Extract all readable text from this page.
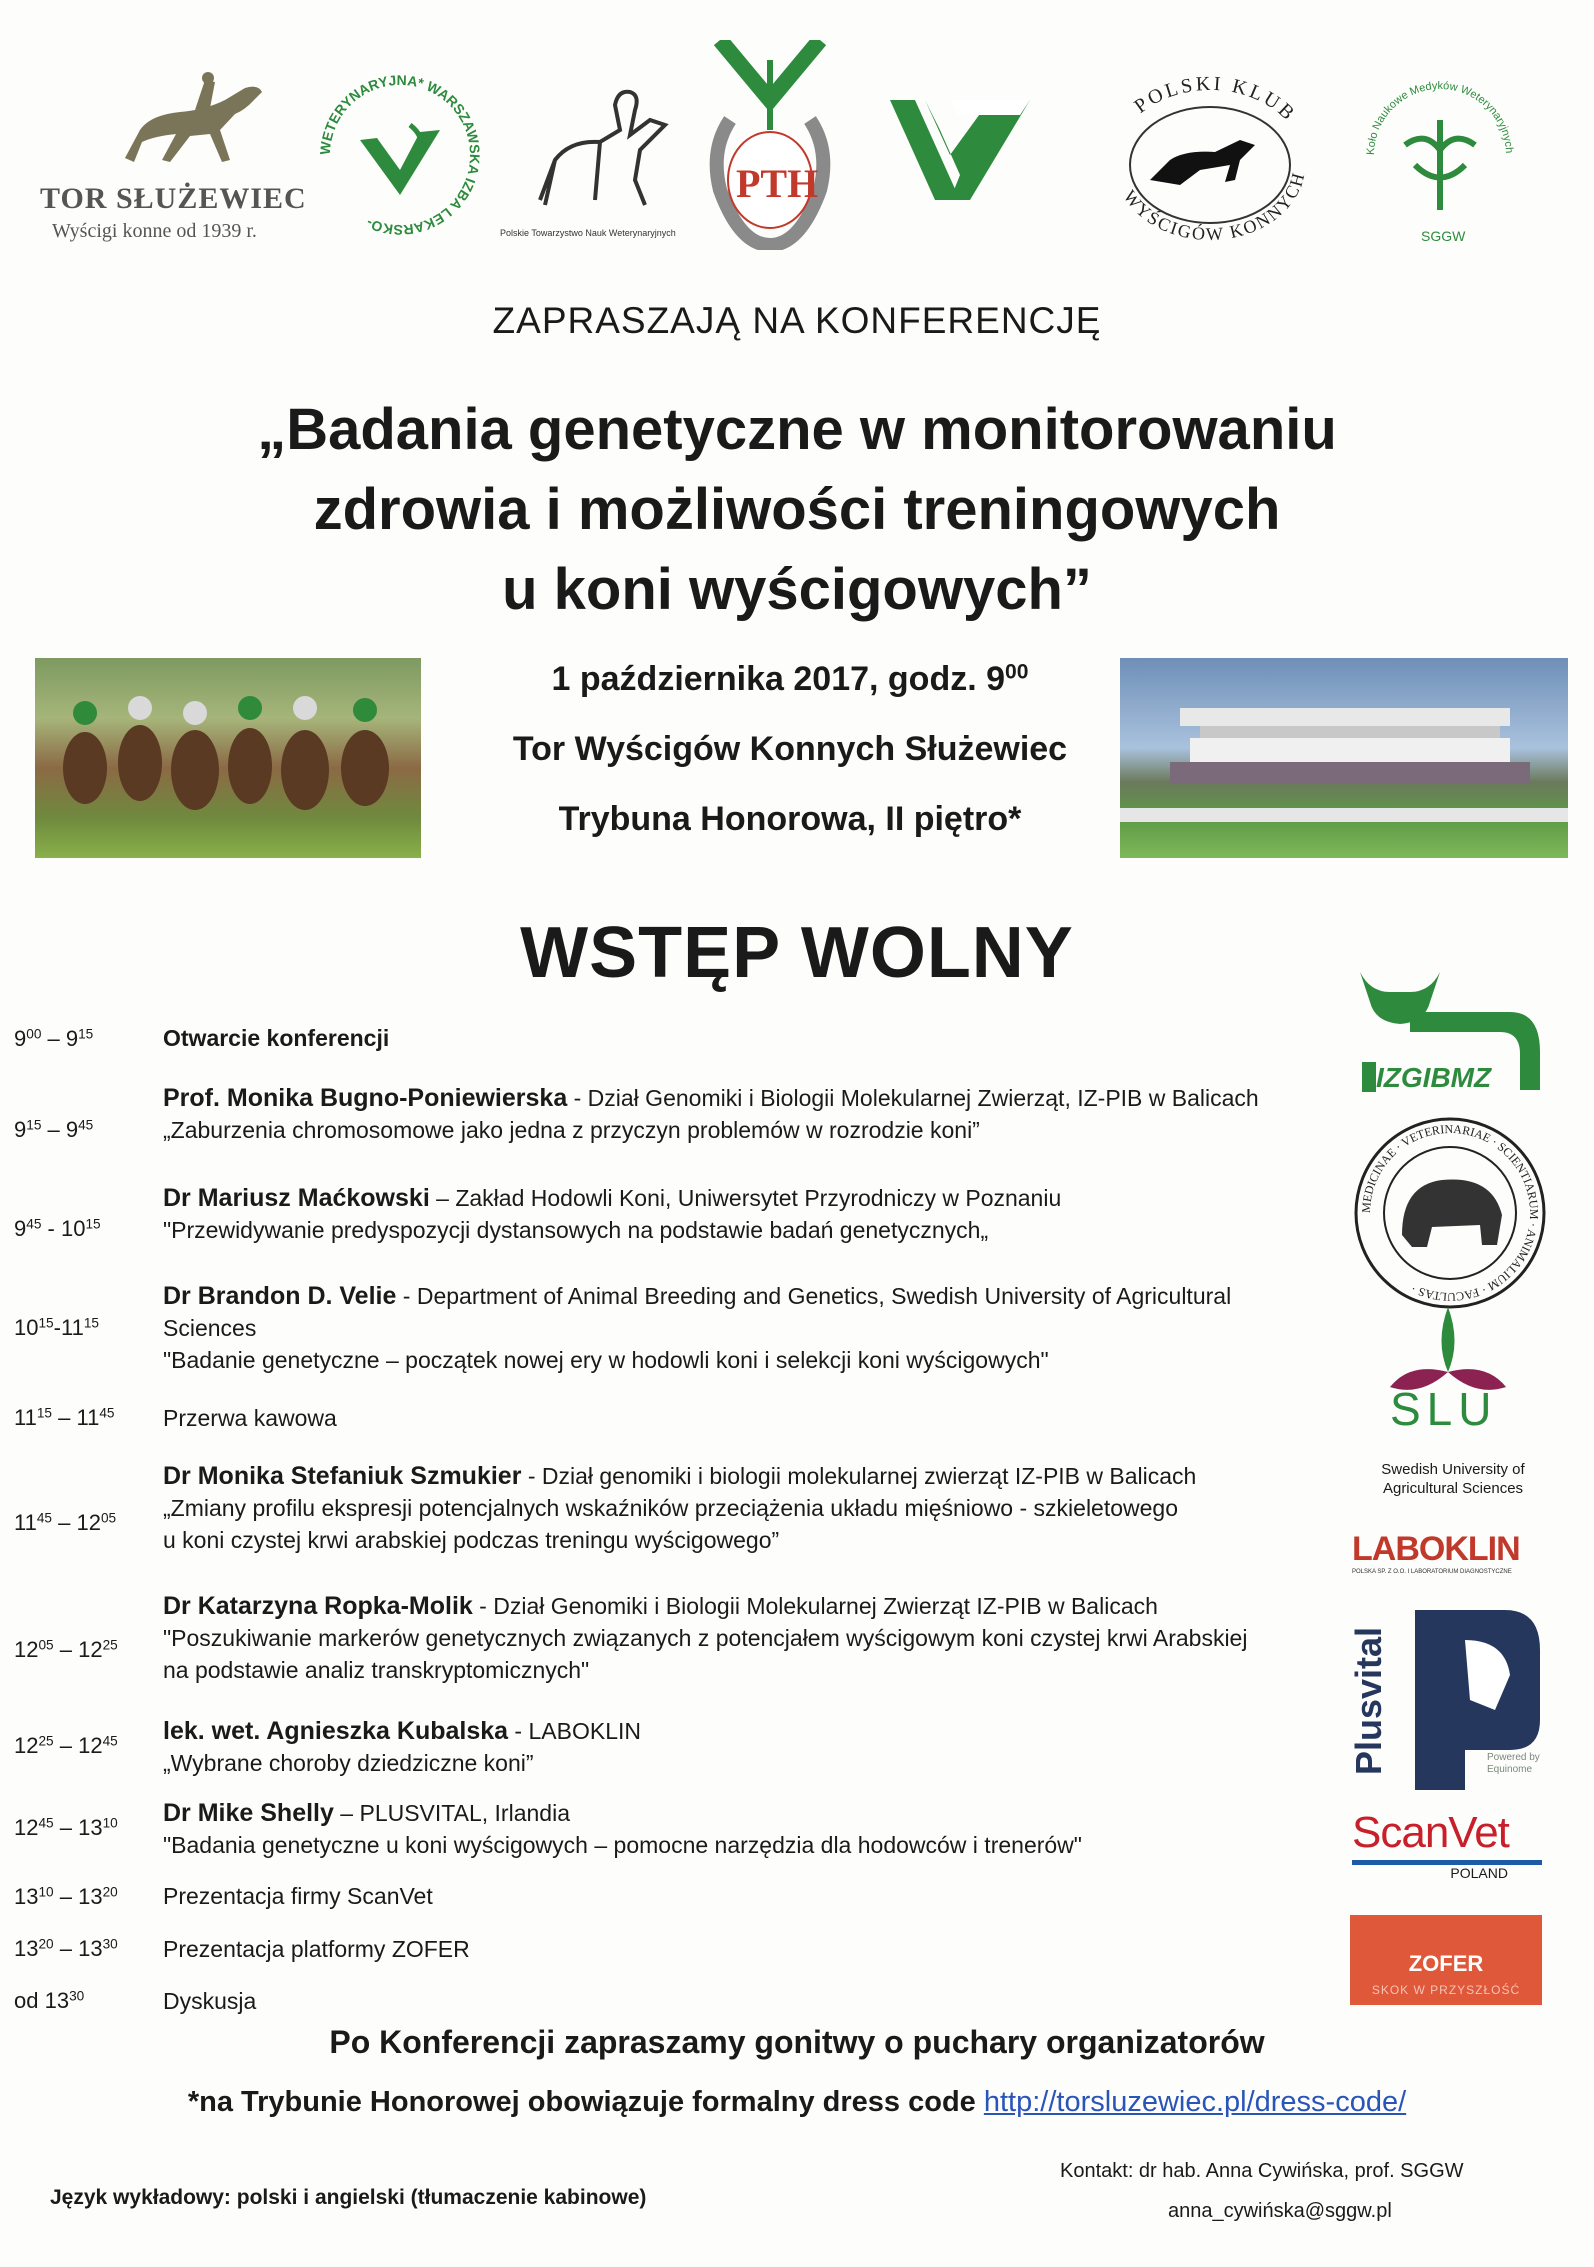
TOR SŁUŻEWIEC
Wyścigi konne od 1939 r.
WETERYNARYJNA* WARSZAWSKA IZBA LEKARSKO-
Polskie Towarzystwo Nauk Weterynaryjnych
PTH
POLSKI KLUB
WYŚCIGÓW KONNYCH
Koło Naukowe Medyków Weterynaryjnych
SGGW
ZAPRASZAJĄ NA KONFERENCJĘ
„Badania genetyczne w monitorowaniu
zdrowia i możliwości treningowych
u koni wyścigowych”
1 października 2017, godz. $9^{00}$
Tor Wyścigów Konnych Służewiec
Trybuna Honorowa, II piętro*
WSTĘP WOLNY
$9^{00} - 9^{15}$	Otwarcie konferencji
$9^{15} - 9^{45}$
Prof. Monika Bugno-Poniewierska - Dział Genomiki i Biologii Molekularnej Zwierząt, IZ-PIB w Balicach
„Zaburzenia chromosomowe jako jedna z przyczyn problemów w rozrodzie koni”
$9^{45} - 10^{15}$
Dr Mariusz Maćkowski – Zakład Hodowli Koni, Uniwersytet Przyrodniczy w Poznaniu
"Przewidywanie predyspozycji dystansowych na podstawie badań genetycznych„
$10^{15}-11^{15}$
Dr Brandon D. Velie - Department of Animal Breeding and Genetics, Swedish University of Agricultural
Sciences
"Badanie genetyczne – początek nowej ery w hodowli koni i selekcji koni wyścigowych"
$11^{15} - 11^{45}$ Przerwa kawowa
$11^{45} - 12^{05}$
Dr Monika Stefaniuk Szmukier - Dział genomiki i biologii molekularnej zwierząt IZ-PIB w Balicach
„Zmiany profilu ekspresji potencjalnych wskaźników przeciążenia układu mięśniowo - szkieletowego
u koni czystej krwi arabskiej podczas treningu wyścigowego”
$12^{05} - 12^{25}$
Dr Katarzyna Ropka-Molik - Dział Genomiki i Biologii Molekularnej Zwierząt IZ-PIB w Balicach
"Poszukiwanie markerów genetycznych związanych z potencjałem wyścigowym koni czystej krwi Arabskiej
na podstawie analiz transkryptomicznych"
$12^{25} - 12^{45}$ lek. wet. Agnieszka Kubalska - LABOKLIN
„Wybrane choroby dziedziczne koni”
$12^{45} - 13^{10}$ Dr Mike Shelly – PLUSVITAL, Irlandia
"Badania genetyczne u koni wyścigowych – pomocne narzędzia dla hodowców i trenerów"
$13^{10} - 13^{20}$ Prezentacja firmy ScanVet
$13^{20} - 13^{30}$ Prezentacja platformy ZOFER
od $13^{30}$	Dyskusja
IZGIBMZ
MEDICINAE · VETERINARIAE · SCIENTIARUM · ANIMALIUM · FACULTAS ·
SLU
Swedish University of Agricultural Sciences
LABOKLIN
POLSKA SP. Z O.O. I LABORATORIUM DIAGNOSTYCZNE
Plusvital	Powered by Equinome
ScanVet
POLAND
ZOFER
SKOK W PRZYSZŁOŚĆ
Po Konferencji zapraszamy gonitwy o puchary organizatorów
*na Trybunie Honorowej obowiązuje formalny dress code http://torsluzewiec.pl/dress-code/
Język wykładowy: polski i angielski (tłumaczenie kabinowe)
Kontakt: dr hab. Anna Cywińska, prof. SGGW
anna_cywińska@sggw.pl
